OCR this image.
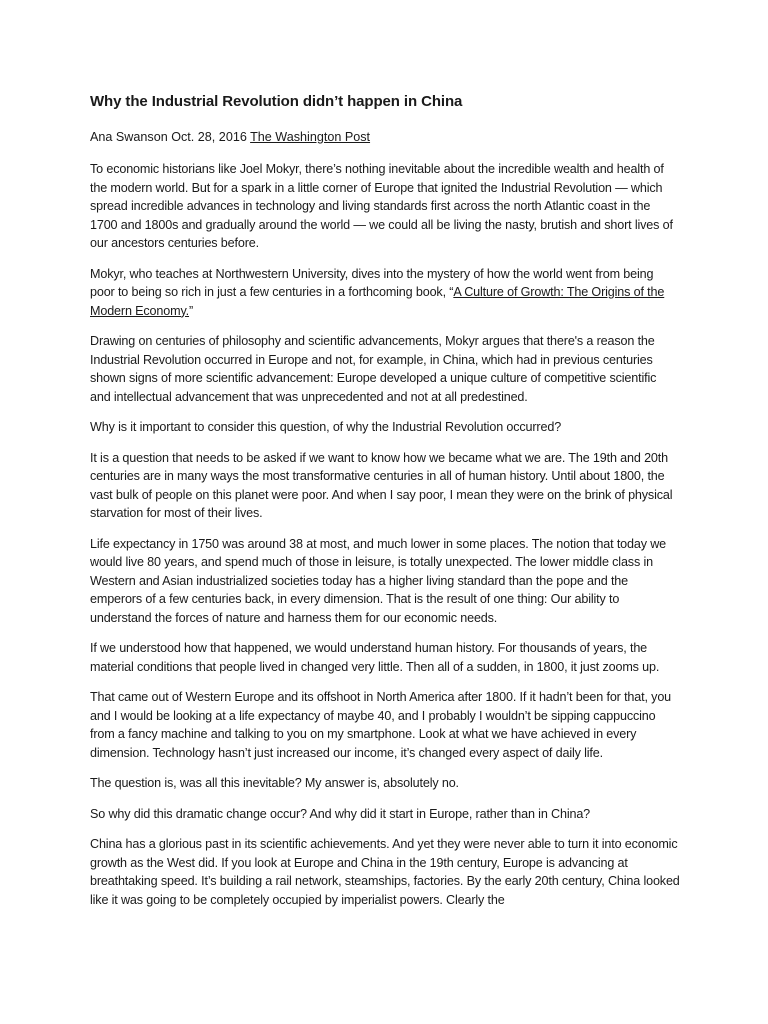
Why the Industrial Revolution didn’t happen in China
Ana Swanson Oct. 28, 2016 The Washington Post

To economic historians like Joel Mokyr, there’s nothing inevitable about the incredible wealth and health of the modern world. But for a spark in a little corner of Europe that ignited the Industrial Revolution — which spread incredible advances in technology and living standards first across the north Atlantic coast in the 1700 and 1800s and gradually around the world — we could all be living the nasty, brutish and short lives of our ancestors centuries before.

Mokyr, who teaches at Northwestern University, dives into the mystery of how the world went from being poor to being so rich in just a few centuries in a forthcoming book, “A Culture of Growth: The Origins of the Modern Economy.”

Drawing on centuries of philosophy and scientific advancements, Mokyr argues that there's a reason the Industrial Revolution occurred in Europe and not, for example, in China, which had in previous centuries shown signs of more scientific advancement: Europe developed a unique culture of competitive scientific and intellectual advancement that was unprecedented and not at all predestined.

Why is it important to consider this question, of why the Industrial Revolution occurred?

It is a question that needs to be asked if we want to know how we became what we are. The 19th and 20th centuries are in many ways the most transformative centuries in all of human history. Until about 1800, the vast bulk of people on this planet were poor. And when I say poor, I mean they were on the brink of physical starvation for most of their lives.

Life expectancy in 1750 was around 38 at most, and much lower in some places. The notion that today we would live 80 years, and spend much of those in leisure, is totally unexpected. The lower middle class in Western and Asian industrialized societies today has a higher living standard than the pope and the emperors of a few centuries back, in every dimension. That is the result of one thing: Our ability to understand the forces of nature and harness them for our economic needs.

If we understood how that happened, we would understand human history. For thousands of years, the material conditions that people lived in changed very little. Then all of a sudden, in 1800, it just zooms up.

That came out of Western Europe and its offshoot in North America after 1800. If it hadn’t been for that, you and I would be looking at a life expectancy of maybe 40, and I probably I wouldn’t be sipping cappuccino from a fancy machine and talking to you on my smartphone. Look at what we have achieved in every dimension. Technology hasn’t just increased our income, it’s changed every aspect of daily life.

The question is, was all this inevitable? My answer is, absolutely no.

So why did this dramatic change occur? And why did it start in Europe, rather than in China?

China has a glorious past in its scientific achievements. And yet they were never able to turn it into economic growth as the West did. If you look at Europe and China in the 19th century, Europe is advancing at breathtaking speed. It’s building a rail network, steamships, factories. By the early 20th century, China looked like it was going to be completely occupied by imperialist powers. Clearly the
